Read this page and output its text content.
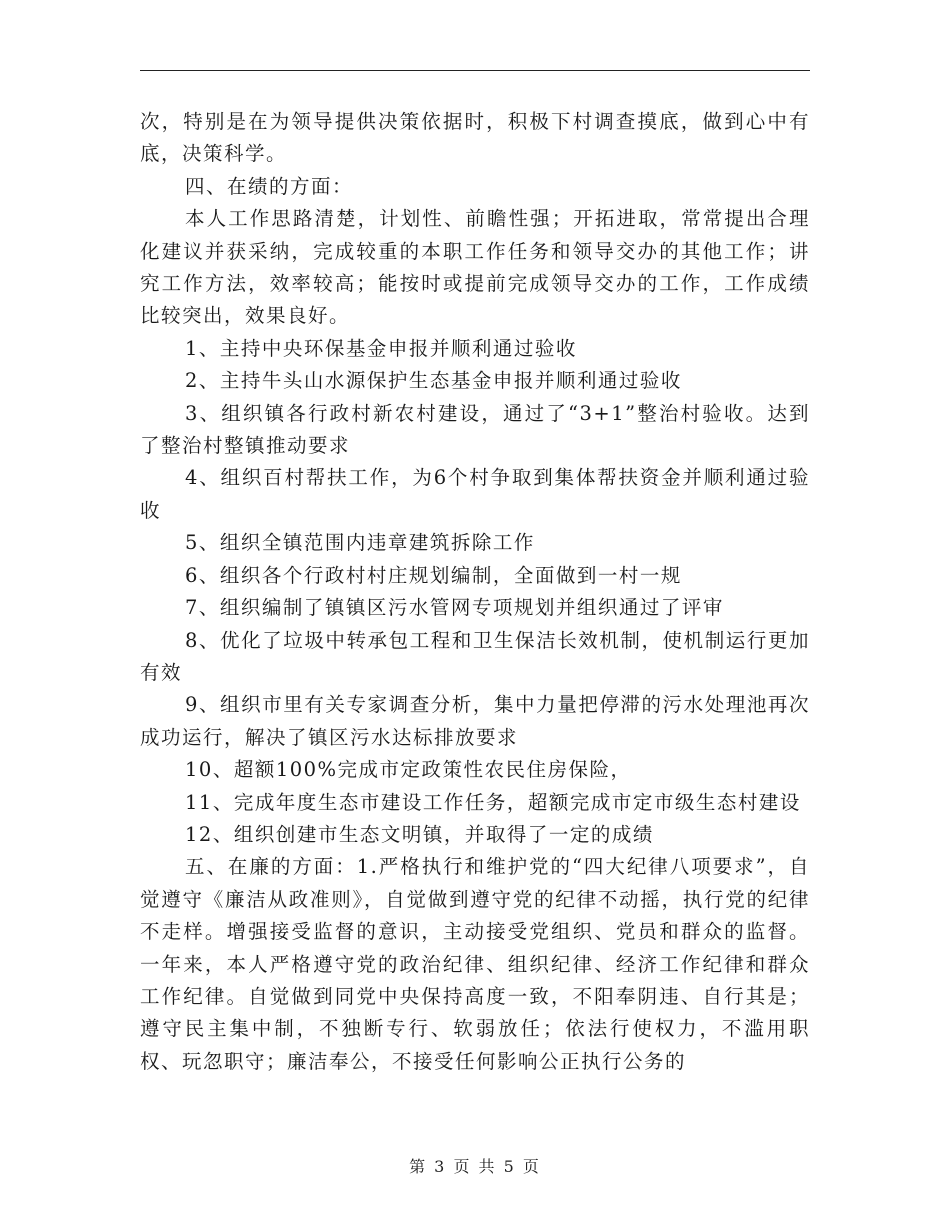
次，特别是在为领导提供决策依据时，积极下村调查摸底，做到心中有底，决策科学。

四、在绩的方面：

本人工作思路清楚，计划性、前瞻性强；开拓进取，常常提出合理化建议并获采纳，完成较重的本职工作任务和领导交办的其他工作；讲究工作方法，效率较高；能按时或提前完成领导交办的工作，工作成绩比较突出，效果良好。

1、主持中央环保基金申报并顺利通过验收

2、主持牛头山水源保护生态基金申报并顺利通过验收

3、组织镇各行政村新农村建设，通过了“3+1”整治村验收。达到了整治村整镇推动要求

4、组织百村帮扶工作，为6个村争取到集体帮扶资金并顺利通过验收

5、组织全镇范围内违章建筑拆除工作

6、组织各个行政村村庄规划编制，全面做到一村一规

7、组织编制了镇镇区污水管网专项规划并组织通过了评审

8、优化了垃圾中转承包工程和卫生保洁长效机制，使机制运行更加有效

9、组织市里有关专家调查分析，集中力量把停滞的污水处理池再次成功运行，解决了镇区污水达标排放要求

10、超额100%完成市定政策性农民住房保险，

11、完成年度生态市建设工作任务，超额完成市定市级生态村建设

12、组织创建市生态文明镇，并取得了一定的成绩

五、在廉的方面：1.严格执行和维护党的“四大纪律八项要求”，自觉遵守《廉洁从政准则》，自觉做到遵守党的纪律不动摇，执行党的纪律不走样。增强接受监督的意识，主动接受党组织、党员和群众的监督。一年来，本人严格遵守党的政治纪律、组织纪律、经济工作纪律和群众工作纪律。自觉做到同党中央保持高度一致，不阳奉阴违、自行其是；遵守民主集中制，不独断专行、软弱放任；依法行使权力，不滥用职权、玩忽职守；廉洁奉公，不接受任何影响公正执行公务的

第 3 页 共 5 页
